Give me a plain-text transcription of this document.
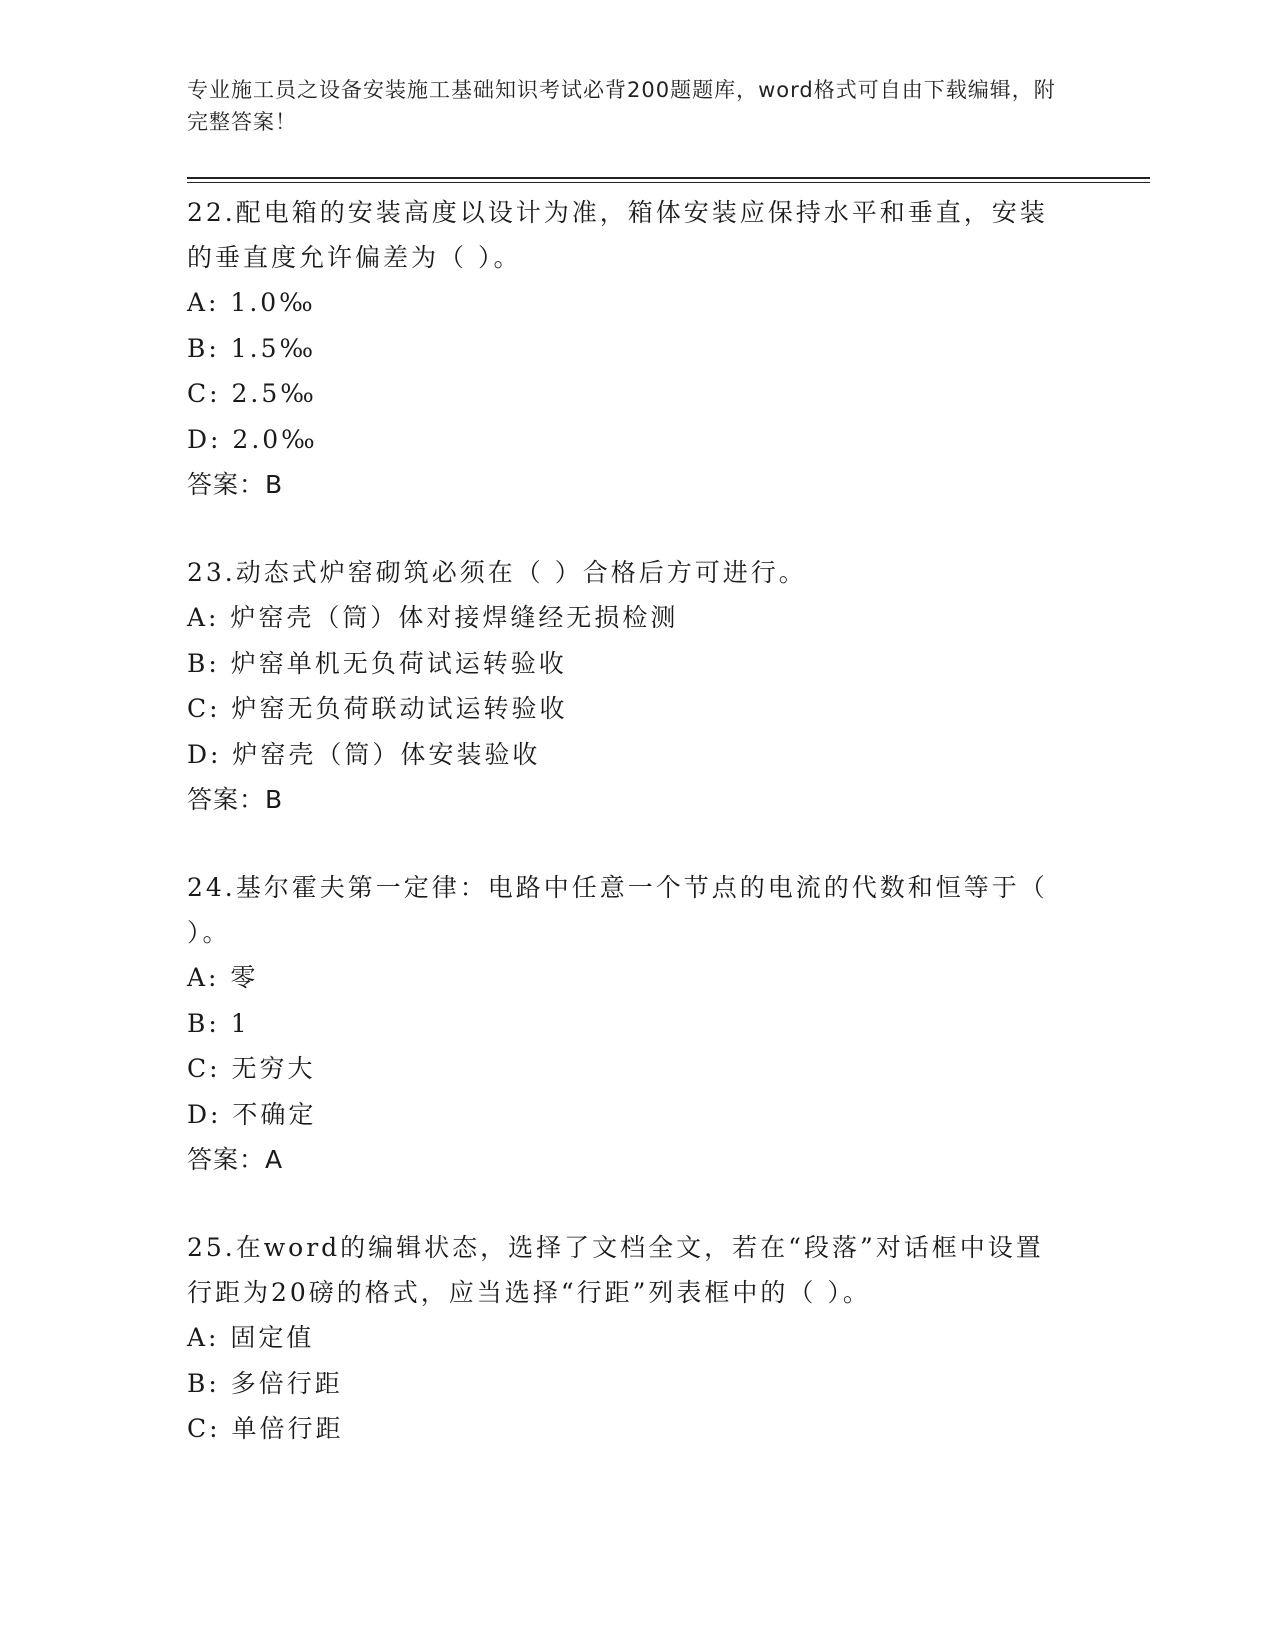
专业施工员之设备安装施工基础知识考试必背200题题库，word格式可自由下载编辑，附完整答案！

22.配电箱的安装高度以设计为准，箱体安装应保持水平和垂直，安装的垂直度允许偏差为（ ）。

A: 1.0‰

B: 1.5‰

C: 2.5‰

D: 2.0‰

答案：B

23.动态式炉窑砌筑必须在（ ）合格后方可进行。

A: 炉窑壳（筒）体对接焊缝经无损检测

B: 炉窑单机无负荷试运转验收

C: 炉窑无负荷联动试运转验收

D: 炉窑壳（筒）体安装验收

答案：B

24.基尔霍夫第一定律：电路中任意一个节点的电流的代数和恒等于（ ）。

A: 零

B: 1

C: 无穷大

D: 不确定

答案：A

25.在word的编辑状态，选择了文档全文，若在“段落”对话框中设置行距为20磅的格式，应当选择“行距”列表框中的（ ）。

A: 固定值

B: 多倍行距

C: 单倍行距
